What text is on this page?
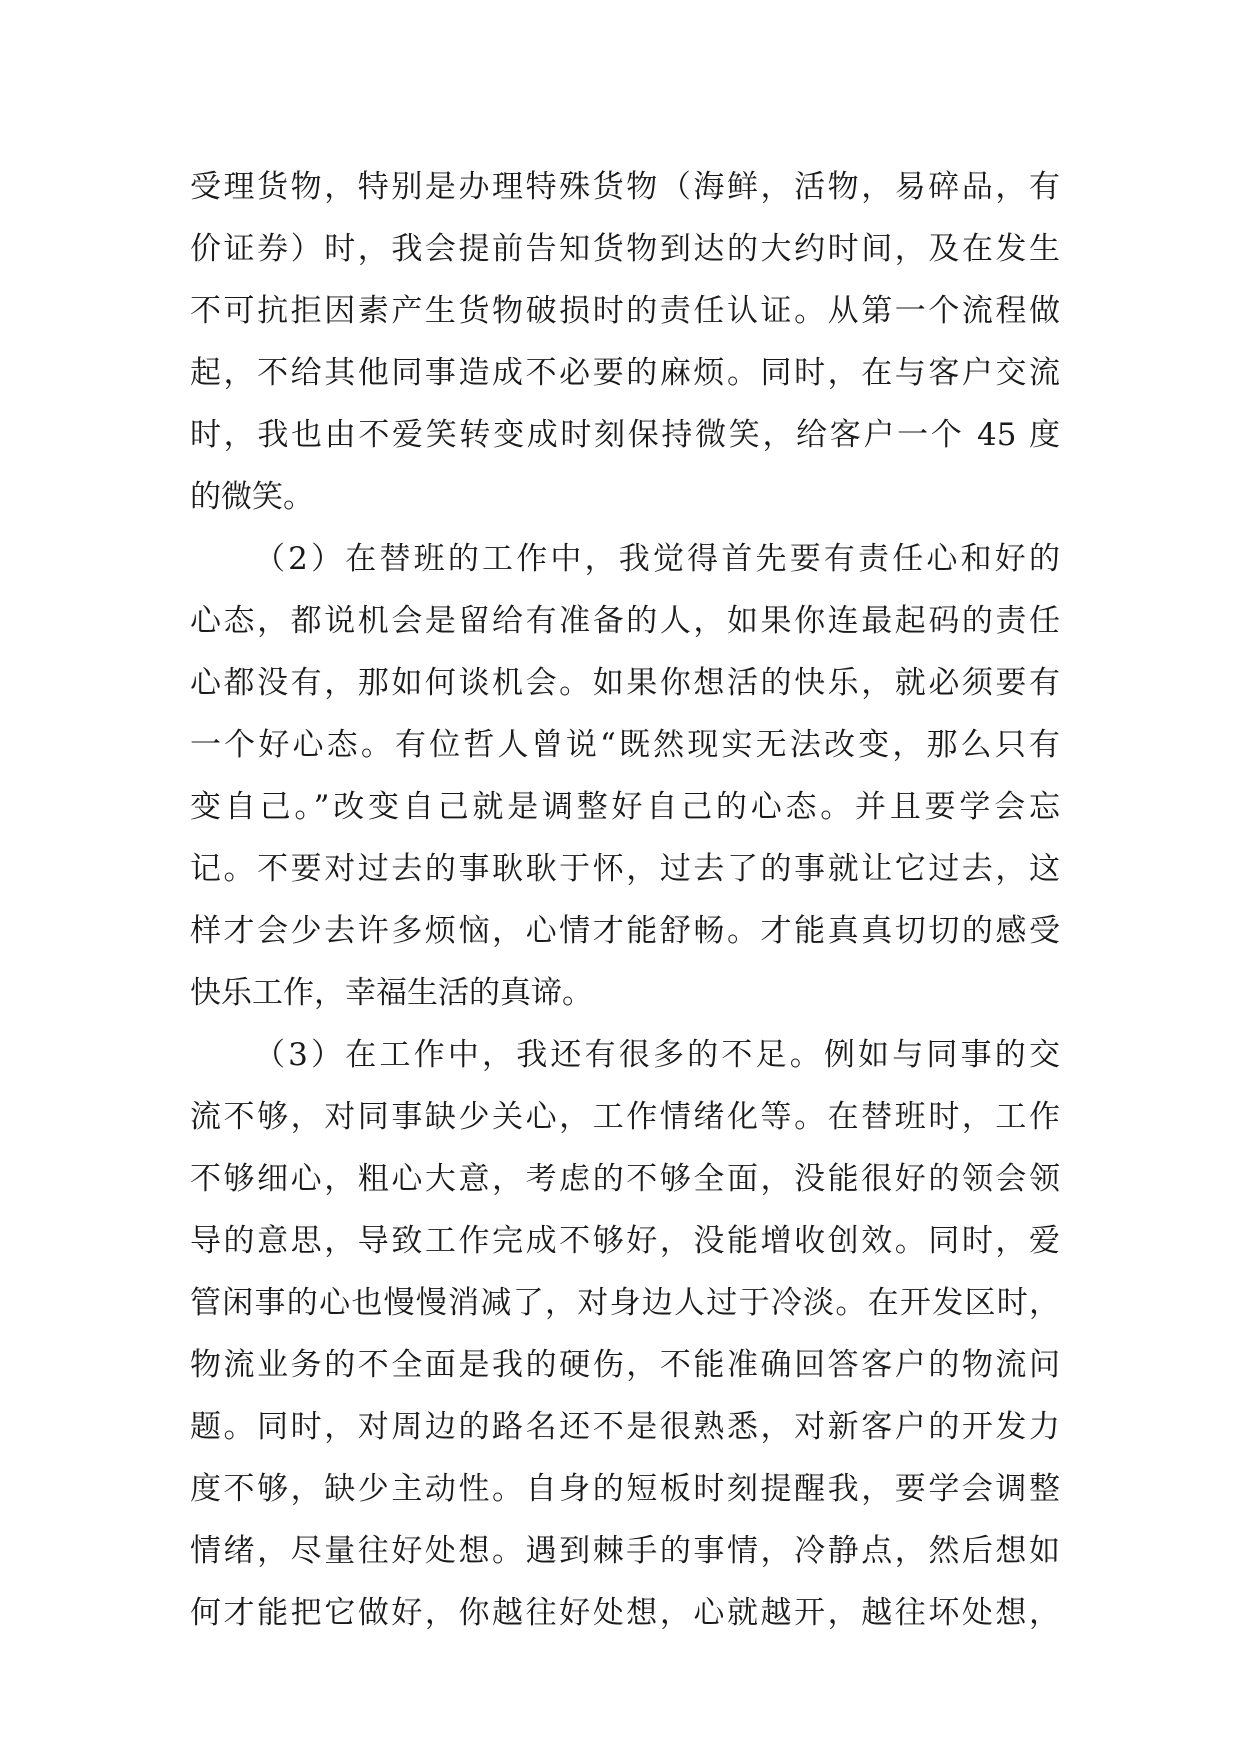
受理货物，特别是办理特殊货物（海鲜，活物，易碎品，有
价证券）时，我会提前告知货物到达的大约时间，及在发生
不可抗拒因素产生货物破损时的责任认证。从第一个流程做
起，不给其他同事造成不必要的麻烦。同时，在与客户交流
时，我也由不爱笑转变成时刻保持微笑，给客户一个 45 度
的微笑。
（2）在替班的工作中，我觉得首先要有责任心和好的
心态，都说机会是留给有准备的人，如果你连最起码的责任
心都没有，那如何谈机会。如果你想活的快乐，就必须要有
一个好心态。有位哲人曾说“既然现实无法改变，那么只有
变自己。”改变自己就是调整好自己的心态。并且要学会忘
记。不要对过去的事耿耿于怀，过去了的事就让它过去，这
样才会少去许多烦恼，心情才能舒畅。才能真真切切的感受
快乐工作，幸福生活的真谛。
（3）在工作中，我还有很多的不足。例如与同事的交
流不够，对同事缺少关心，工作情绪化等。在替班时，工作
不够细心，粗心大意，考虑的不够全面，没能很好的领会领
导的意思，导致工作完成不够好，没能增收创效。同时，爱
管闲事的心也慢慢消减了，对身边人过于冷淡。在开发区时，
物流业务的不全面是我的硬伤，不能准确回答客户的物流问
题。同时，对周边的路名还不是很熟悉，对新客户的开发力
度不够，缺少主动性。自身的短板时刻提醒我，要学会调整
情绪，尽量往好处想。遇到棘手的事情，冷静点，然后想如
何才能把它做好，你越往好处想，心就越开，越往坏处想，
